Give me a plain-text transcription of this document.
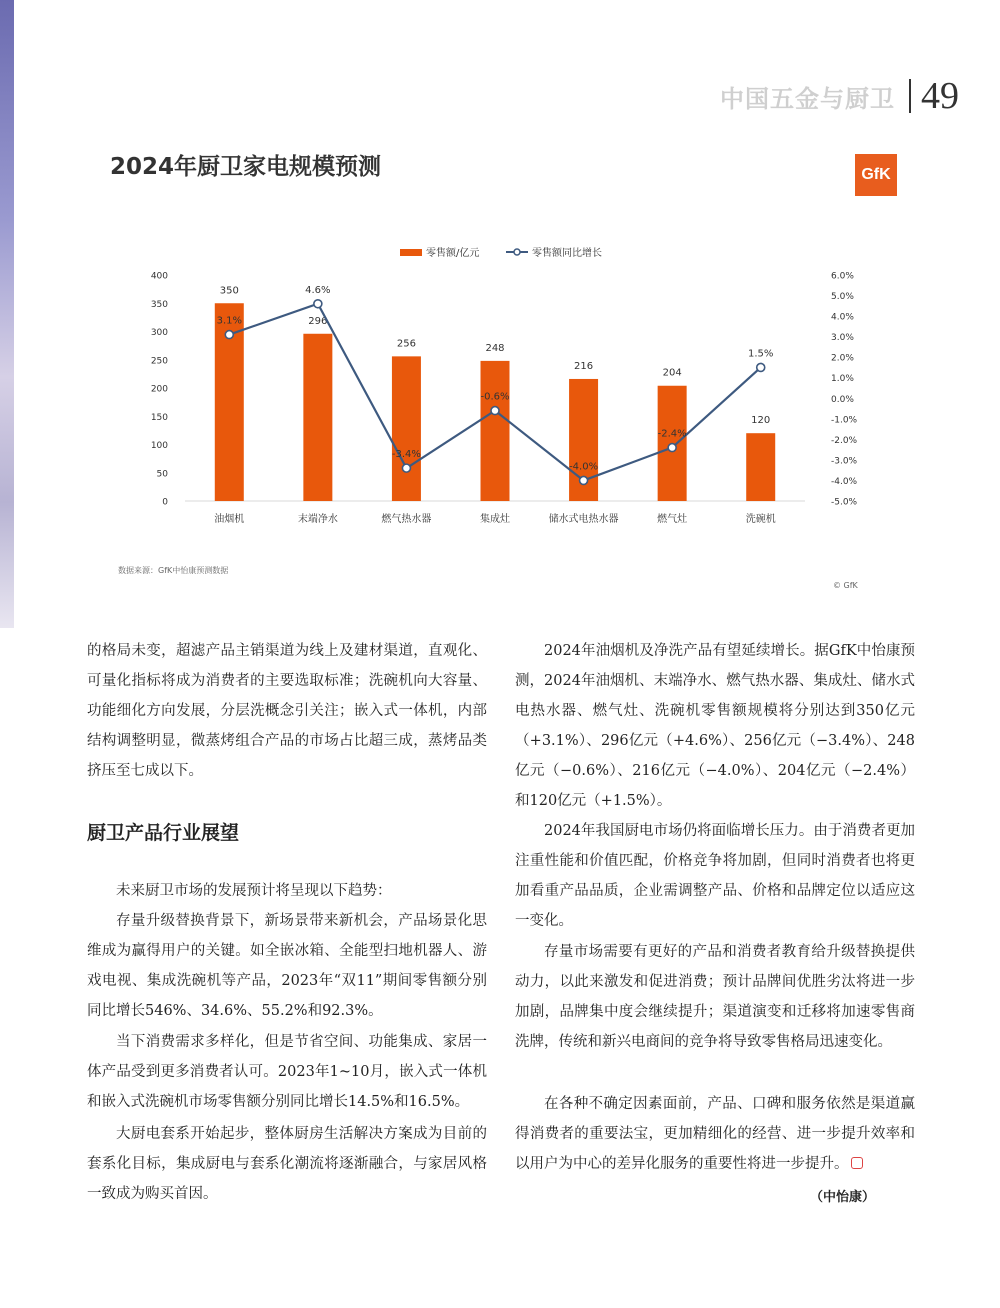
中国五金与厨卫 49
2024年厨卫家电规模预测	GfK
零售额/亿元	零售额同比增长
0
50
100
150
200
250
300
350
400	6.0%
5.0%
4.0%
3.0%
2.0%
1.0%
0.0%
-1.0%
-2.0%
-3.0%
-4.0%
-5.0%
350
油烟机
296
末端净水
256
燃气热水器
248
集成灶
216
储水式电热水器
204
燃气灶
120
洗碗机
3.1%
4.6%
-3.4%
-0.6%
-4.0%
-2.4%
1.5%
数据来源：GfK中怡康预测数据
© GfK

的格局未变，超滤产品主销渠道为线上及建材渠道，直观化、可量化指标将成为消费者的主要选取标准；洗碗机向大容量、功能细化方向发展，分层洗概念引关注；嵌入式一体机，内部结构调整明显，微蒸烤组合产品的市场占比超三成，蒸烤品类挤压至七成以下。

厨卫产品行业展望

未来厨卫市场的发展预计将呈现以下趋势：

存量升级替换背景下，新场景带来新机会，产品场景化思维成为赢得用户的关键。如全嵌冰箱、全能型扫地机器人、游戏电视、集成洗碗机等产品，2023年“双11”期间零售额分别同比增长546%、34.6%、55.2%和92.3%。

当下消费需求多样化，但是节省空间、功能集成、家居一体产品受到更多消费者认可。2023年1~10月，嵌入式一体机和嵌入式洗碗机市场零售额分别同比增长14.5%和16.5%。

大厨电套系开始起步，整体厨房生活解决方案成为目前的套系化目标，集成厨电与套系化潮流将逐渐融合，与家居风格一致成为购买首因。

2024年油烟机及净洗产品有望延续增长。据GfK中怡康预测，2024年油烟机、末端净水、燃气热水器、集成灶、储水式电热水器、燃气灶、洗碗机零售额规模将分别达到350亿元（+3.1%）、296亿元（+4.6%）、256亿元（−3.4%）、248亿元（−0.6%）、216亿元（−4.0%）、204亿元（−2.4%）和120亿元（+1.5%）。

2024年我国厨电市场仍将面临增长压力。由于消费者更加注重性能和价值匹配，价格竞争将加剧，但同时消费者也将更加看重产品品质，企业需调整产品、价格和品牌定位以适应这一变化。

存量市场需要有更好的产品和消费者教育给升级替换提供动力，以此来激发和促进消费；预计品牌间优胜劣汰将进一步加剧，品牌集中度会继续提升；渠道演变和迁移将加速零售商洗牌，传统和新兴电商间的竞争将导致零售格局迅速变化。

在各种不确定因素面前，产品、口碑和服务依然是渠道赢得消费者的重要法宝，更加精细化的经营、进一步提升效率和以用户为中心的差异化服务的重要性将进一步提升。

（中怡康）
